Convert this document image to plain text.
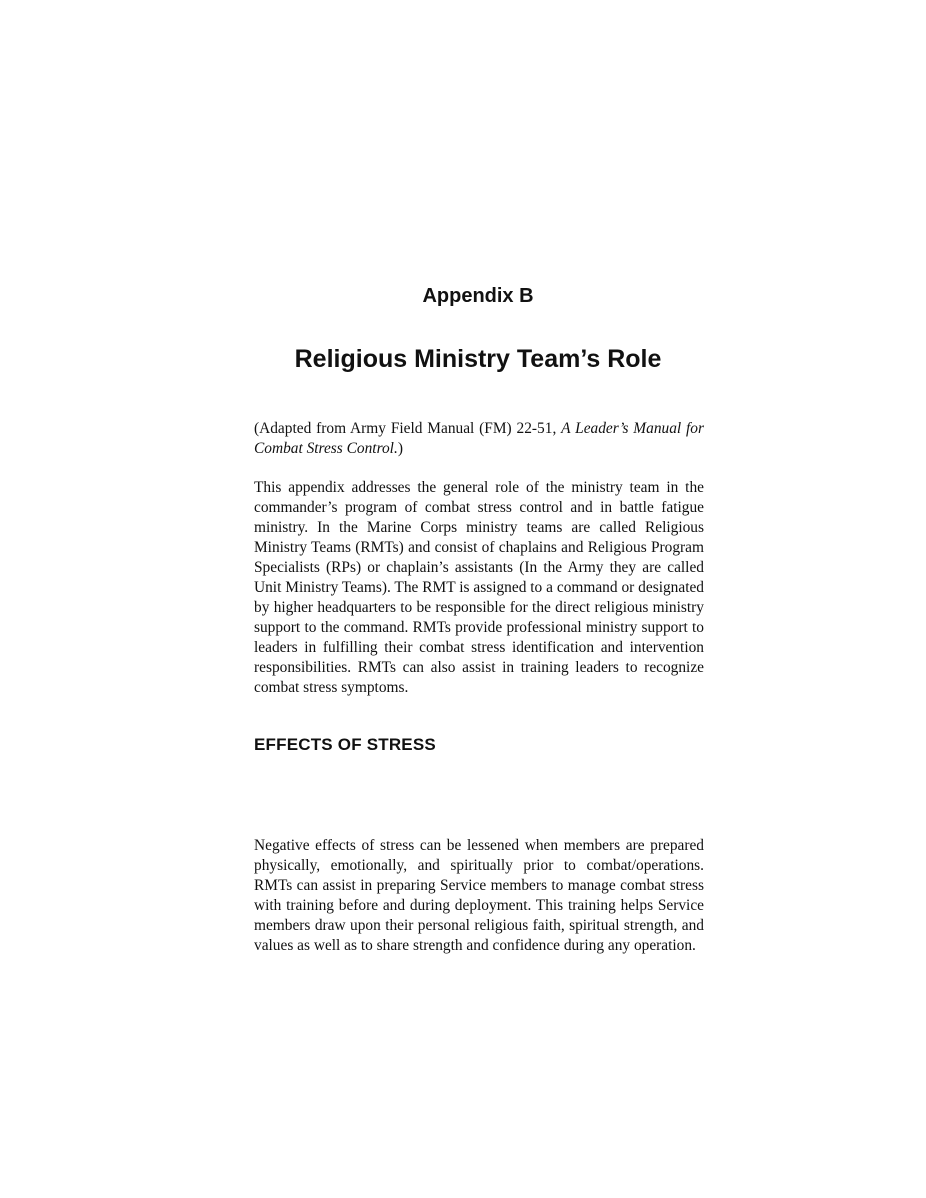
Appendix B
Religious Ministry Team’s Role

(Adapted from Army Field Manual (FM) 22-51, A Leader’s Manual for Combat Stress Control.)

This appendix addresses the general role of the ministry team in the commander’s program of combat stress control and in battle fatigue ministry. In the Marine Corps ministry teams are called Religious Ministry Teams (RMTs) and consist of chaplains and Religious Program Specialists (RPs) or chaplain’s assistants (In the Army they are called Unit Ministry Teams). The RMT is assigned to a command or designated by higher headquarters to be responsible for the direct religious ministry support to the command. RMTs provide professional ministry support to leaders in fulfilling their combat stress identification and intervention responsibilities. RMTs can also assist in training leaders to recognize combat stress symptoms.

EFFECTS OF STRESS

Negative effects of stress can be lessened when members are prepared physically, emotionally, and spiritually prior to combat/operations. RMTs can assist in preparing Service members to manage combat stress with training before and during deployment. This training helps Service members draw upon their personal religious faith, spiritual strength, and values as well as to share strength and confidence during any operation.
